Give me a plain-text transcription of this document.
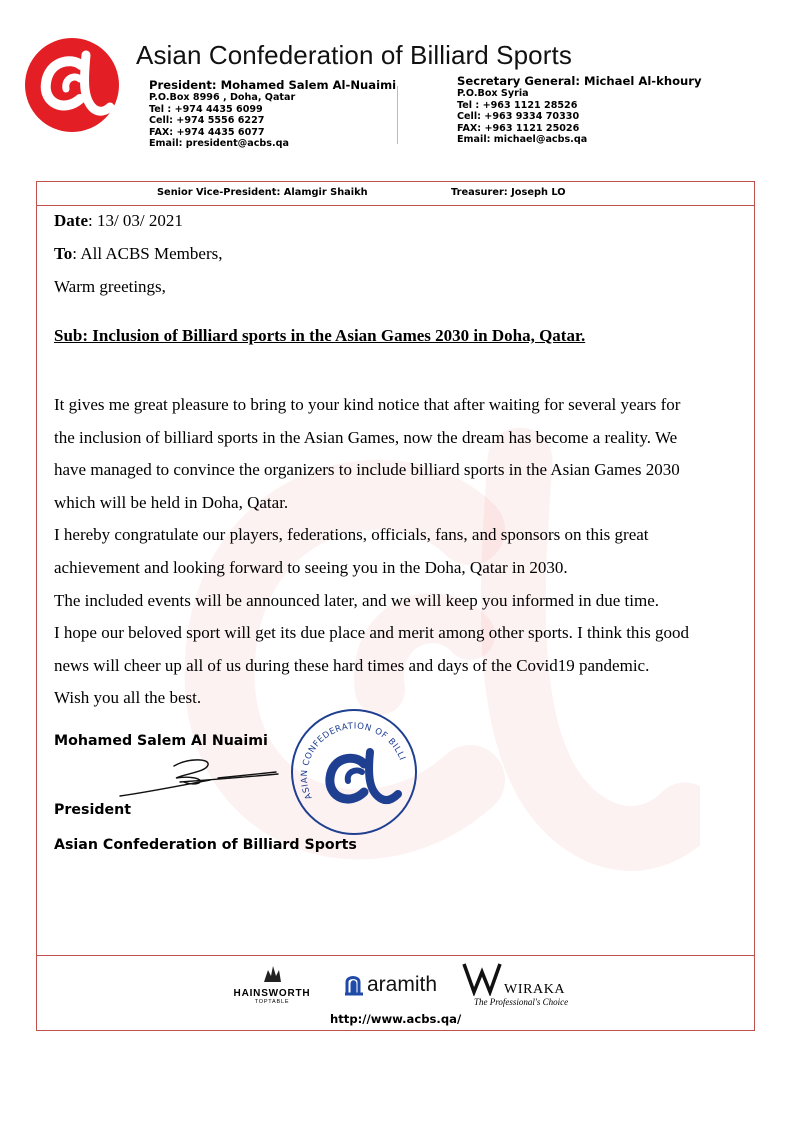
Asian Confederation of Billiard Sports
President: Mohamed Salem Al-Nuaimi
P.O.Box 8996 , Doha, Qatar
Tel : +974 4435 6099
Cell: +974 5556 6227
FAX: +974 4435 6077
Email: president@acbs.qa
Secretary General: Michael Al-khoury
P.O.Box Syria
Tel : +963 1121 28526
Cell: +963 9334 70330
FAX: +963 1121 25026
Email: michael@acbs.qa
Senior Vice-President: Alamgir Shaikh	Treasurer: Joseph LO
Date: 13/ 03/ 2021
To: All ACBS Members,
Warm greetings,
Sub: Inclusion of Billiard sports in the Asian Games 2030 in Doha, Qatar.

It gives me great pleasure to bring to your kind notice that after waiting for several years for

the inclusion of billiard sports in the Asian Games, now the dream has become a reality. We

have managed to convince the organizers to include billiard sports in the Asian Games 2030

which will be held in Doha, Qatar.

I hereby congratulate our players, federations, officials, fans, and sponsors on this great

achievement and looking forward to seeing you in the Doha, Qatar in 2030.

The included events will be announced later, and we will keep you informed in due time.

I hope our beloved sport will get its due place and merit among other sports. I think this good

news will cheer up all of us during these hard times and days of the Covid19 pandemic.

Wish you all the best.

Mohamed Salem Al Nuaimi
ASIAN CONFEDERATION OF BILLI
President
Asian Confederation of Billiard Sports
HAINSWORTH
TOPTABLE
aramith	WIRAKA
The Professional's Choice
http://www.acbs.qa/
